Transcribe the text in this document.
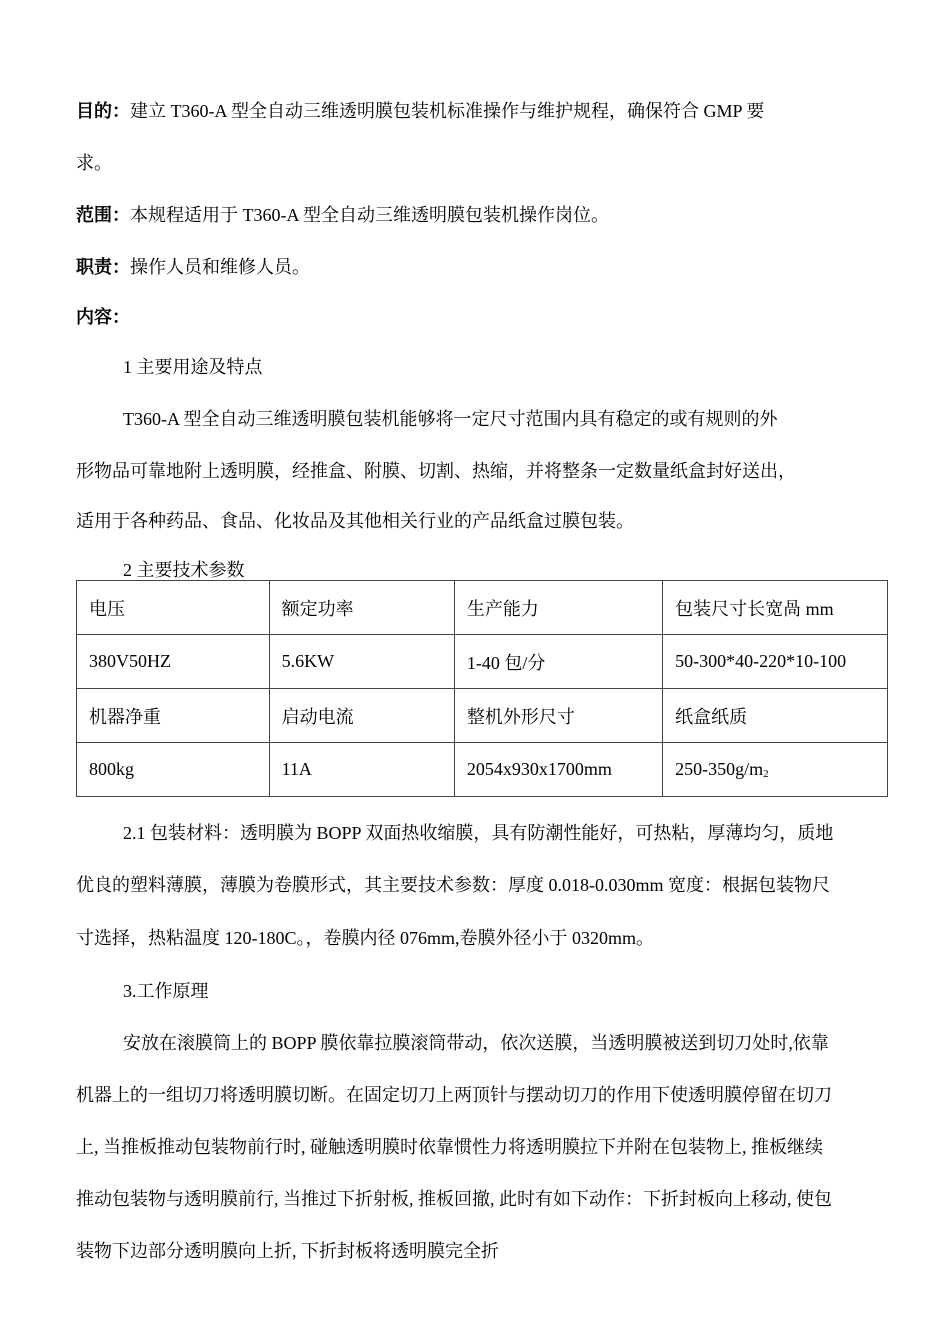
目的：建立 T360-A 型全自动三维透明膜包装机标准操作与维护规程，确保符合 GMP 要
求。
范围：本规程适用于 T360-A 型全自动三维透明膜包装机操作岗位。
职责：操作人员和维修人员。
内容：
1 主要用途及特点
T360-A 型全自动三维透明膜包装机能够将一定尺寸范围内具有稳定的或有规则的外
形物品可靠地附上透明膜，经推盒、附膜、切割、热缩，并将整条一定数量纸盒封好送出，
适用于各种药品、食品、化妆品及其他相关行业的产品纸盒过膜包装。
2 主要技术参数
电压	额定功率	生产能力	包装尺寸长宽咼 mm
380V50HZ	5.6KW	1-40 包/分	50-300*40-220*10-100
机器净重	启动电流	整机外形尺寸	纸盒纸质
800kg	11A	2054x930x1700mm	$250-350g/m_2$
2.1 包装材料：透明膜为 BOPP 双面热收缩膜，具有防潮性能好，可热粘，厚薄均匀，质地
优良的塑料薄膜，薄膜为卷膜形式，其主要技术参数：厚度 0.018-0.030mm 宽度：根据包装物尺
寸选择，热粘温度 120-180C。，卷膜内径 076mm,卷膜外径小于 0320mm。
3.工作原理
安放在滚膜筒上的 BOPP 膜依靠拉膜滚筒带动，依次送膜，当透明膜被送到切刀处时,依靠
机器上的一组切刀将透明膜切断。在固定切刀上两顶针与摆动切刀的作用下使透明膜停留在切刀
上, 当推板推动包装物前行时, 碰触透明膜时依靠惯性力将透明膜拉下并附在包装物上, 推板继续
推动包装物与透明膜前行, 当推过下折射板, 推板回撤, 此时有如下动作：下折封板向上移动, 使包
装物下边部分透明膜向上折, 下折封板将透明膜完全折
